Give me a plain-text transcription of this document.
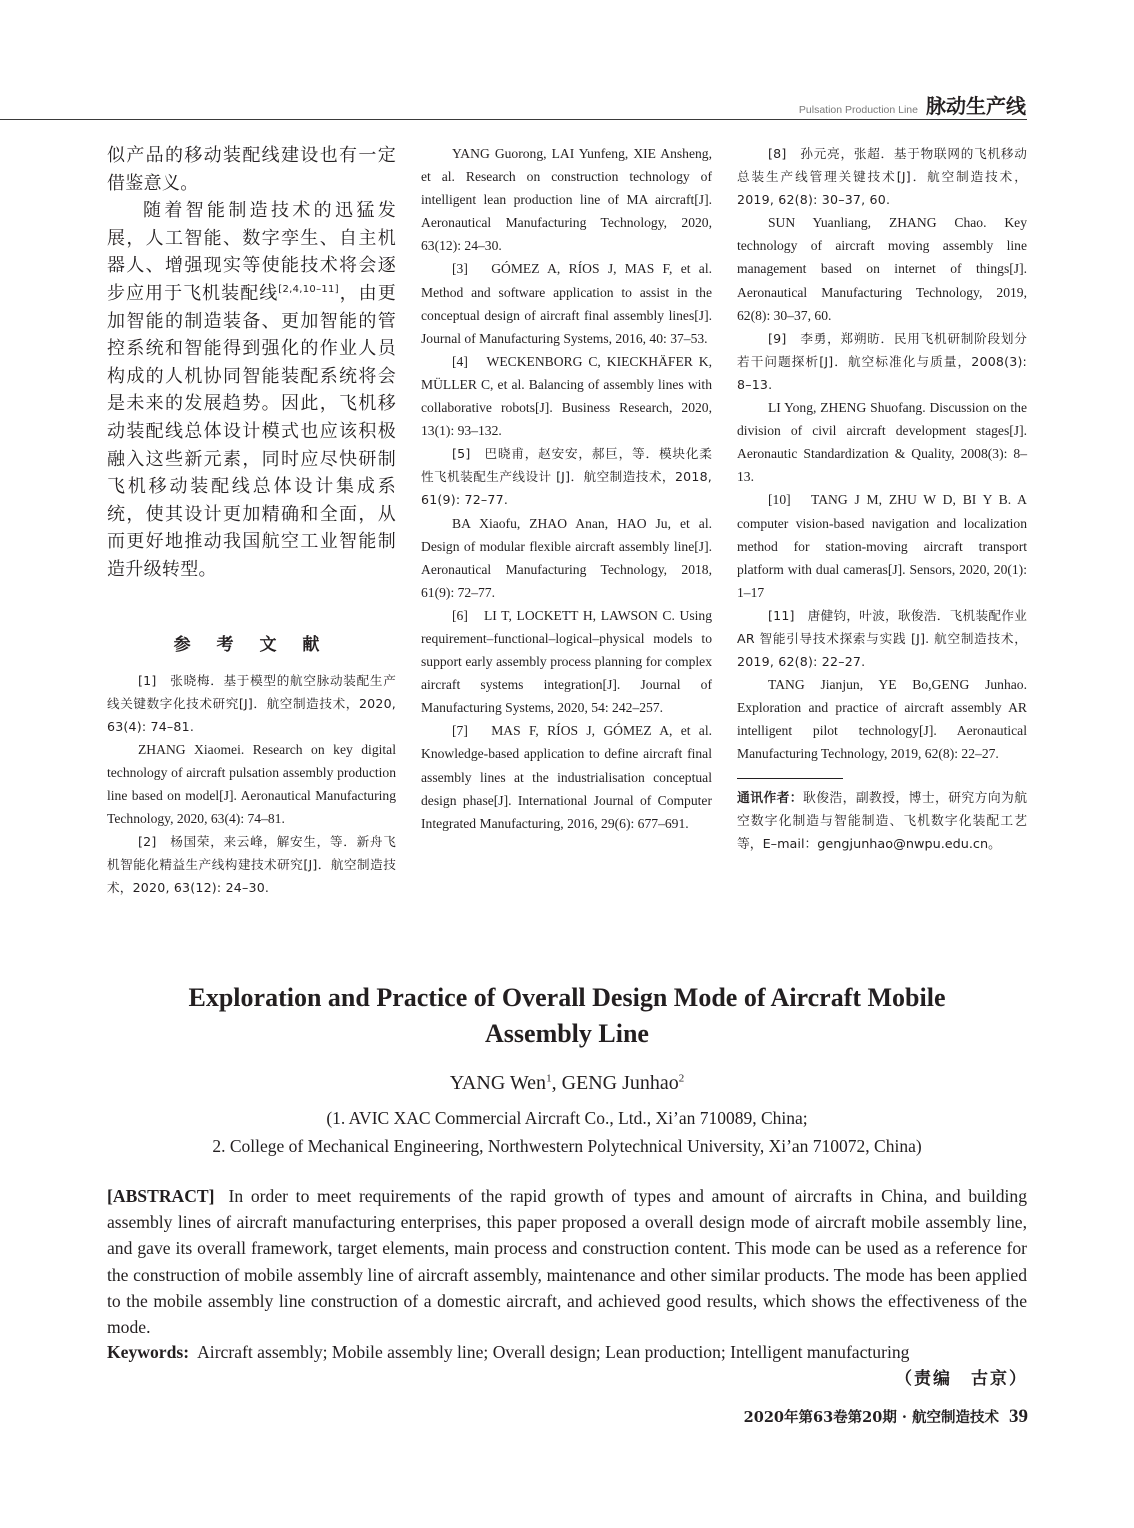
Pulsation Production Line 脉动生产线

似产品的移动装配线建设也有一定借鉴意义。

随着智能制造技术的迅猛发展，人工智能、数字孪生、自主机器人、增强现实等使能技术将会逐步应用于飞机装配线[2,4,10–11]，由更加智能的制造装备、更加智能的管控系统和智能得到强化的作业人员构成的人机协同智能装配系统将会是未来的发展趋势。因此，飞机移动装配线总体设计模式也应该积极融入这些新元素，同时应尽快研制飞机移动装配线总体设计集成系统，使其设计更加精确和全面，从而更好地推动我国航空工业智能制造升级转型。

参 考 文 献

[1]　张晓梅．基于模型的航空脉动装配生产线关键数字化技术研究[J]．航空制造技术，2020, 63(4): 74–81.

ZHANG Xiaomei. Research on key digital technology of aircraft pulsation assembly production line based on model[J]. Aeronautical Manufacturing Technology, 2020, 63(4): 74–81.

[2]　杨国荣，来云峰，解安生，等．新舟飞机智能化精益生产线构建技术研究[J]．航空制造技术，2020, 63(12): 24–30.

YANG Guorong, LAI Yunfeng, XIE Ansheng, et al. Research on construction technology of intelligent lean production line of MA aircraft[J]. Aeronautical Manufacturing Technology, 2020, 63(12): 24–30.

[3]　GÓMEZ A, RÍOS J, MAS F, et al. Method and software application to assist in the conceptual design of aircraft final assembly lines[J]. Journal of Manufacturing Systems, 2016, 40: 37–53.

[4]　WECKENBORG C, KIECKHÄFER K, MÜLLER C, et al. Balancing of assembly lines with collaborative robots[J]. Business Research, 2020, 13(1): 93–132.

[5]　巴晓甫，赵安安，郝巨，等．模块化柔性飞机装配生产线设计 [J]．航空制造技术，2018, 61(9): 72–77.

BA Xiaofu, ZHAO Anan, HAO Ju, et al. Design of modular flexible aircraft assembly line[J]. Aeronautical Manufacturing Technology, 2018, 61(9): 72–77.

[6]　LI T, LOCKETT H, LAWSON C. Using requirement–functional–logical–physical models to support early assembly process planning for complex aircraft systems integration[J]. Journal of Manufacturing Systems, 2020, 54: 242–257.

[7]　MAS F, RÍOS J, GÓMEZ A, et al. Knowledge-based application to define aircraft final assembly lines at the industrialisation conceptual design phase[J]. International Journal of Computer Integrated Manufacturing, 2016, 29(6): 677–691.

[8]　孙元亮，张超．基于物联网的飞机移动总装生产线管理关键技术[J]．航空制造技术，2019, 62(8): 30–37, 60.

SUN Yuanliang, ZHANG Chao. Key technology of aircraft moving assembly line management based on internet of things[J]. Aeronautical Manufacturing Technology, 2019, 62(8): 30–37, 60.

[9]　李勇，郑朔昉．民用飞机研制阶段划分若干问题探析[J]．航空标准化与质量，2008(3): 8–13.

LI Yong, ZHENG Shuofang. Discussion on the division of civil aircraft development stages[J]. Aeronautic Standardization & Quality, 2008(3): 8–13.

[10]　TANG J M, ZHU W D, BI Y B. A computer vision-based navigation and localization method for station-moving aircraft transport platform with dual cameras[J]. Sensors, 2020, 20(1): 1–17

[11]　唐健钧，叶波，耿俊浩．飞机装配作业 AR 智能引导技术探索与实践 [J]. 航空制造技术，2019, 62(8): 22–27.

TANG Jianjun, YE Bo,GENG Junhao. Exploration and practice of aircraft assembly AR intelligent pilot technology[J]. Aeronautical Manufacturing Technology, 2019, 62(8): 22–27.

通讯作者：耿俊浩，副教授，博士，研究方向为航空数字化制造与智能制造、飞机数字化装配工艺等，E–mail：gengjunhao@nwpu.edu.cn。

Exploration and Practice of Overall Design Mode of Aircraft Mobile
Assembly Line

YANG Wen$^1$, GENG Junhao$^2$

(1. AVIC XAC Commercial Aircraft Co., Ltd., Xi’an 710089, China;

2. College of Mechanical Engineering, Northwestern Polytechnical University, Xi’an 710072, China)

[ABSTRACT] In order to meet requirements of the rapid growth of types and amount of aircrafts in China, and building assembly lines of aircraft manufacturing enterprises, this paper proposed a overall design mode of aircraft mobile assembly line, and gave its overall framework, target elements, main process and construction content. This mode can be used as a reference for the construction of mobile assembly line of aircraft assembly, maintenance and other similar products. The mode has been applied to the mobile assembly line construction of a domestic aircraft, and achieved good results, which shows the effectiveness of the mode.

Keywords: Aircraft assembly; Mobile assembly line; Overall design; Lean production; Intelligent manufacturing

（责编　古京）

2020年第63卷第20期 · 航空制造技术 39
